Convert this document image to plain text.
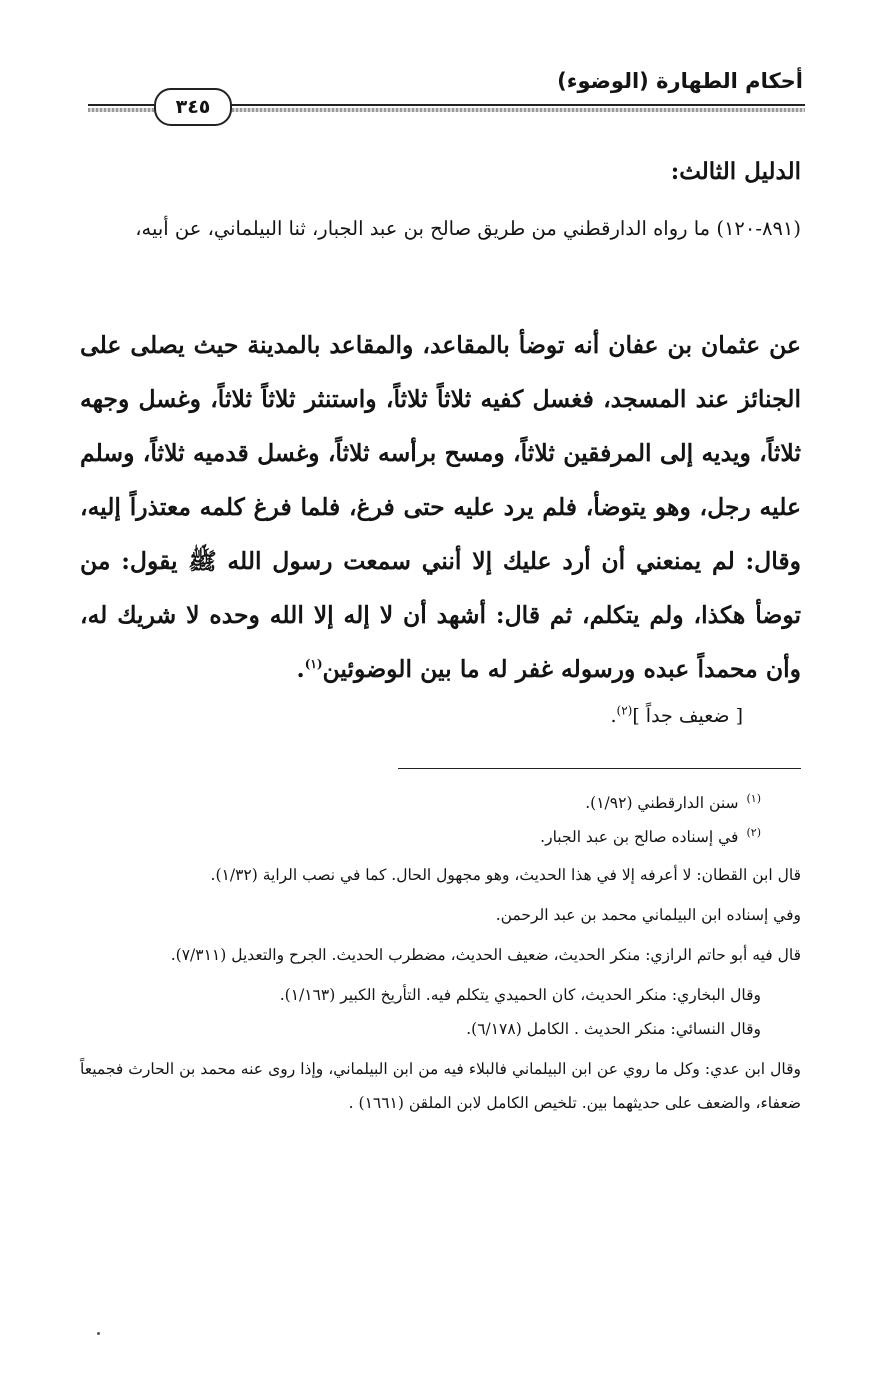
أحكام الطهارة (الوضوء)
٣٤٥
الدليل الثالث:
(٨٩١-١٢٠) ما رواه الدارقطني من طريق صالح بن عبد الجبار، ثنا البيلماني، عن أبيه،
عن عثمان بن عفان أنه توضأ بالمقاعد، والمقاعد بالمدينة حيث يصلى على الجنائز عند المسجد، فغسل كفيه ثلاثاً ثلاثاً، واستنثر ثلاثاً ثلاثاً، وغسل وجهه ثلاثاً، ويديه إلى المرفقين ثلاثاً، ومسح برأسه ثلاثاً، وغسل قدميه ثلاثاً، وسلم عليه رجل، وهو يتوضأ، فلم يرد عليه حتى فرغ، فلما فرغ كلمه معتذراً إليه، وقال: لم يمنعني أن أرد عليك إلا أنني سمعت رسول الله ﷺ يقول: من توضأ هكذا، ولم يتكلم، ثم قال: أشهد أن لا إله إلا الله وحده لا شريك له، وأن محمداً عبده ورسوله غفر له ما بين الوضوئين$^{(١)}$.
[ ضعيف جداً ]$^{(٢)}$.

$^{(١)}$سنن الدارقطني (١/٩٢).

$^{(٢)}$في إسناده صالح بن عبد الجبار.

قال ابن القطان: لا أعرفه إلا في هذا الحديث، وهو مجهول الحال. كما في نصب الراية (١/٣٢).

وفي إسناده ابن البيلماني محمد بن عبد الرحمن.

قال فيه أبو حاتم الرازي: منكر الحديث، ضعيف الحديث، مضطرب الحديث. الجرح والتعديل (٧/٣١١).

وقال البخاري: منكر الحديث، كان الحميدي يتكلم فيه. التأريخ الكبير (١/١٦٣).

وقال النسائي: منكر الحديث . الكامل (٦/١٧٨).

وقال ابن عدي: وكل ما روي عن ابن البيلماني فالبلاء فيه من ابن البيلماني، وإذا روى عنه محمد بن الحارث فجميعاً ضعفاء، والضعف على حديثهما بين. تلخيص الكامل لابن الملقن (١٦٦١) .
